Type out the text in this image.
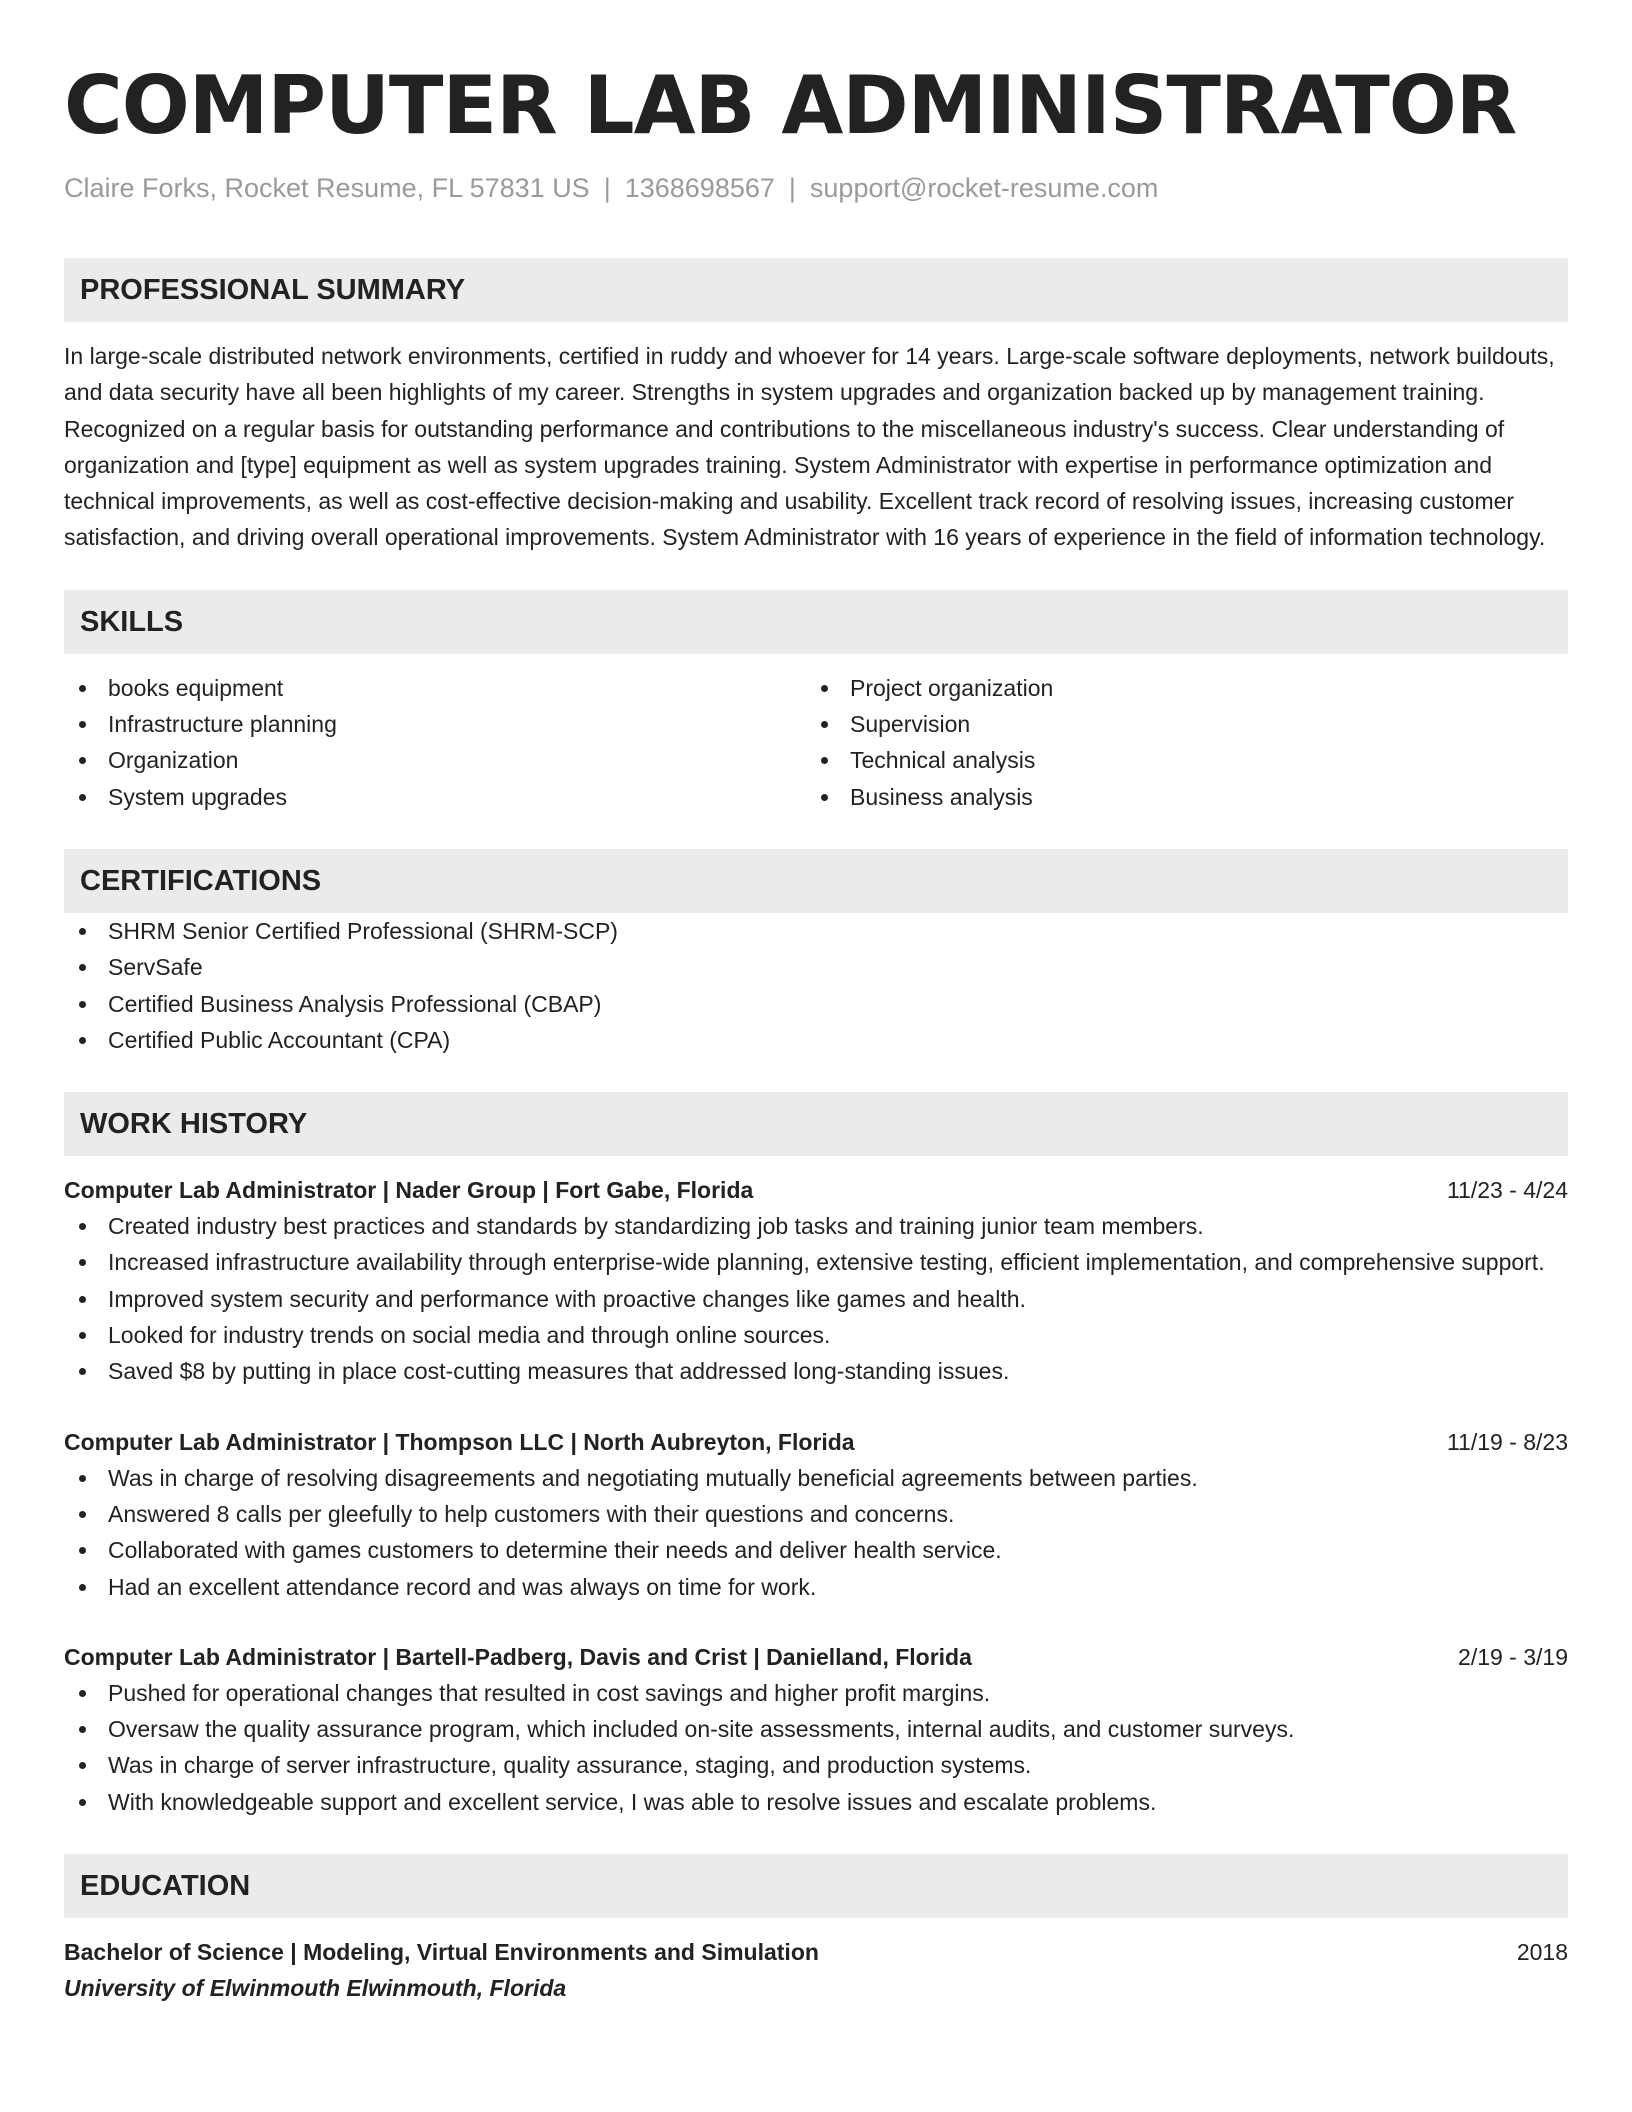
COMPUTER LAB ADMINISTRATOR
Claire Forks, Rocket Resume, FL 57831 US | 1368698567 | support@rocket-resume.com
PROFESSIONAL SUMMARY
In large-scale distributed network environments, certified in ruddy and whoever for 14 years. Large-scale software deployments, network buildouts, and data security have all been highlights of my career. Strengths in system upgrades and organization backed up by management training. Recognized on a regular basis for outstanding performance and contributions to the miscellaneous industry's success. Clear understanding of organization and [type] equipment as well as system upgrades training. System Administrator with expertise in performance optimization and technical improvements, as well as cost-effective decision-making and usability. Excellent track record of resolving issues, increasing customer satisfaction, and driving overall operational improvements. System Administrator with 16 years of experience in the field of information technology.
SKILLS
books equipment
Infrastructure planning
Organization
System upgrades
Project organization
Supervision
Technical analysis
Business analysis
CERTIFICATIONS
SHRM Senior Certified Professional (SHRM-SCP)
ServSafe
Certified Business Analysis Professional (CBAP)
Certified Public Accountant (CPA)
WORK HISTORY
Computer Lab Administrator | Nader Group | Fort Gabe, Florida	11/23 - 4/24
Created industry best practices and standards by standardizing job tasks and training junior team members.
Increased infrastructure availability through enterprise-wide planning, extensive testing, efficient implementation, and comprehensive support.
Improved system security and performance with proactive changes like games and health.
Looked for industry trends on social media and through online sources.
Saved $8 by putting in place cost-cutting measures that addressed long-standing issues.
Computer Lab Administrator | Thompson LLC | North Aubreyton, Florida	11/19 - 8/23
Was in charge of resolving disagreements and negotiating mutually beneficial agreements between parties.
Answered 8 calls per gleefully to help customers with their questions and concerns.
Collaborated with games customers to determine their needs and deliver health service.
Had an excellent attendance record and was always on time for work.
Computer Lab Administrator | Bartell-Padberg, Davis and Crist | Danielland, Florida	2/19 - 3/19
Pushed for operational changes that resulted in cost savings and higher profit margins.
Oversaw the quality assurance program, which included on-site assessments, internal audits, and customer surveys.
Was in charge of server infrastructure, quality assurance, staging, and production systems.
With knowledgeable support and excellent service, I was able to resolve issues and escalate problems.
EDUCATION
Bachelor of Science | Modeling, Virtual Environments and Simulation	2018
University of Elwinmouth Elwinmouth, Florida
